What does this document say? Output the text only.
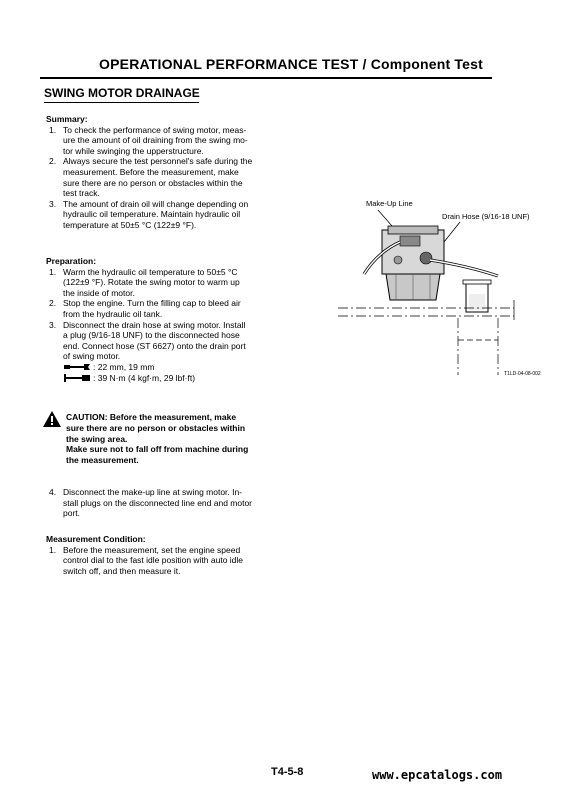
OPERATIONAL PERFORMANCE TEST / Component Test
SWING MOTOR DRAINAGE
Summary:
1. To check the performance of swing motor, meas-
ure the amount of oil draining from the swing mo-
tor while swinging the upperstructure.
2. Always secure the test personnel's safe during the
measurement. Before the measurement, make
sure there are no person or obstacles within the
test track.
3. The amount of drain oil will change depending on
hydraulic oil temperature. Maintain hydraulic oil
temperature at 50±5 °C (122±9 °F).
Preparation:
1. Warm the hydraulic oil temperature to 50±5 °C
(122±9 °F). Rotate the swing motor to warm up
the inside of motor.
2. Stop the engine. Turn the filling cap to bleed air
from the hydraulic oil tank.
3. Disconnect the drain hose at swing motor. Install
a plug (9/16-18 UNF) to the disconnected hose
end. Connect hose (ST 6627) onto the drain port
of swing motor.
: 22 mm, 19 mm
: 39 N·m (4 kgf·m, 29 lbf·ft)
CAUTION: Before the measurement, make
sure there are no person or obstacles within
the swing area.
Make sure not to fall off from machine during
the measurement.
4. Disconnect the make-up line at swing motor. In-
stall plugs on the disconnected line end and motor
port.
Measurement Condition:
1. Before the measurement, set the engine speed
control dial to the fast idle position with auto idle
switch off, and then measure it.
Make-Up Line
Drain Hose (9/16-18 UNF)
T1LD-04-08-002
T4-5-8	www.epcatalogs.com
